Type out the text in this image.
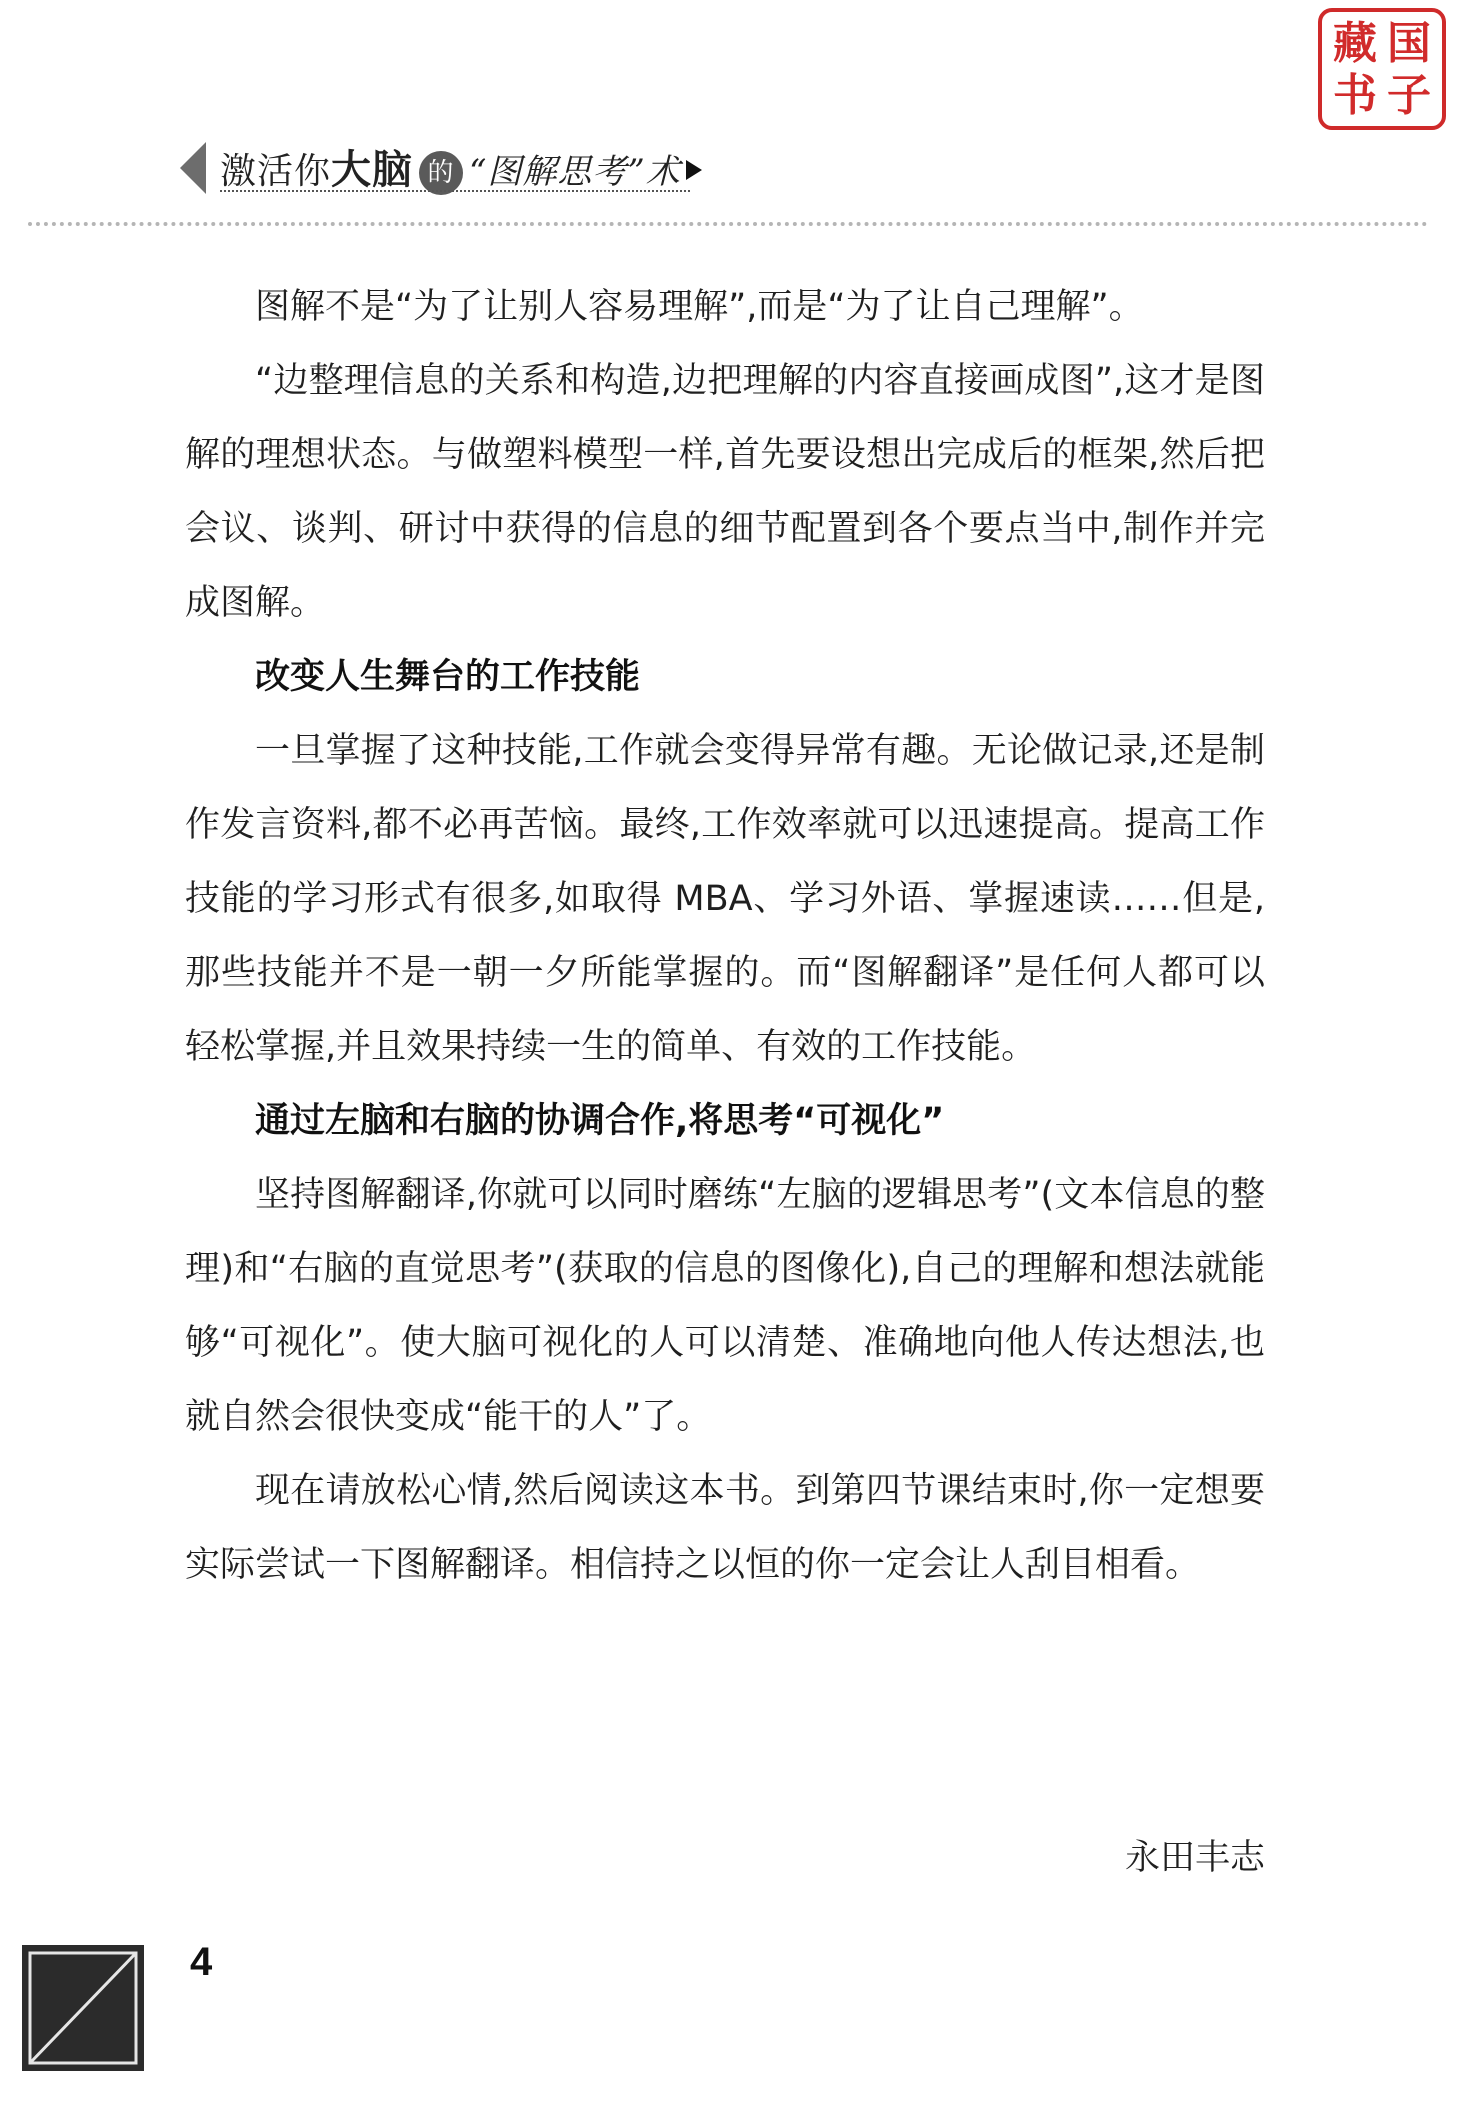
藏 国
书 子
激活你大脑 的 “图解思考”术

图解不是“为了让别人容易理解”,而是“为了让自己理解”。

“边整理信息的关系和构造,边把理解的内容直接画成图”,这才是图解的理想状态。与做塑料模型一样,首先要设想出完成后的框架,然后把会议、谈判、研讨中获得的信息的细节配置到各个要点当中,制作并完成图解。

改变人生舞台的工作技能

一旦掌握了这种技能,工作就会变得异常有趣。无论做记录,还是制作发言资料,都不必再苦恼。最终,工作效率就可以迅速提高。提高工作技能的学习形式有很多,如取得 MBA、学习外语、掌握速读……但是,那些技能并不是一朝一夕所能掌握的。而“图解翻译”是任何人都可以轻松掌握,并且效果持续一生的简单、有效的工作技能。

通过左脑和右脑的协调合作,将思考“可视化”

坚持图解翻译,你就可以同时磨练“左脑的逻辑思考”(文本信息的整理)和“右脑的直觉思考”(获取的信息的图像化),自己的理解和想法就能够“可视化”。使大脑可视化的人可以清楚、准确地向他人传达想法,也就自然会很快变成“能干的人”了。

现在请放松心情,然后阅读这本书。到第四节课结束时,你一定想要实际尝试一下图解翻译。相信持之以恒的你一定会让人刮目相看。

永田丰志
4
